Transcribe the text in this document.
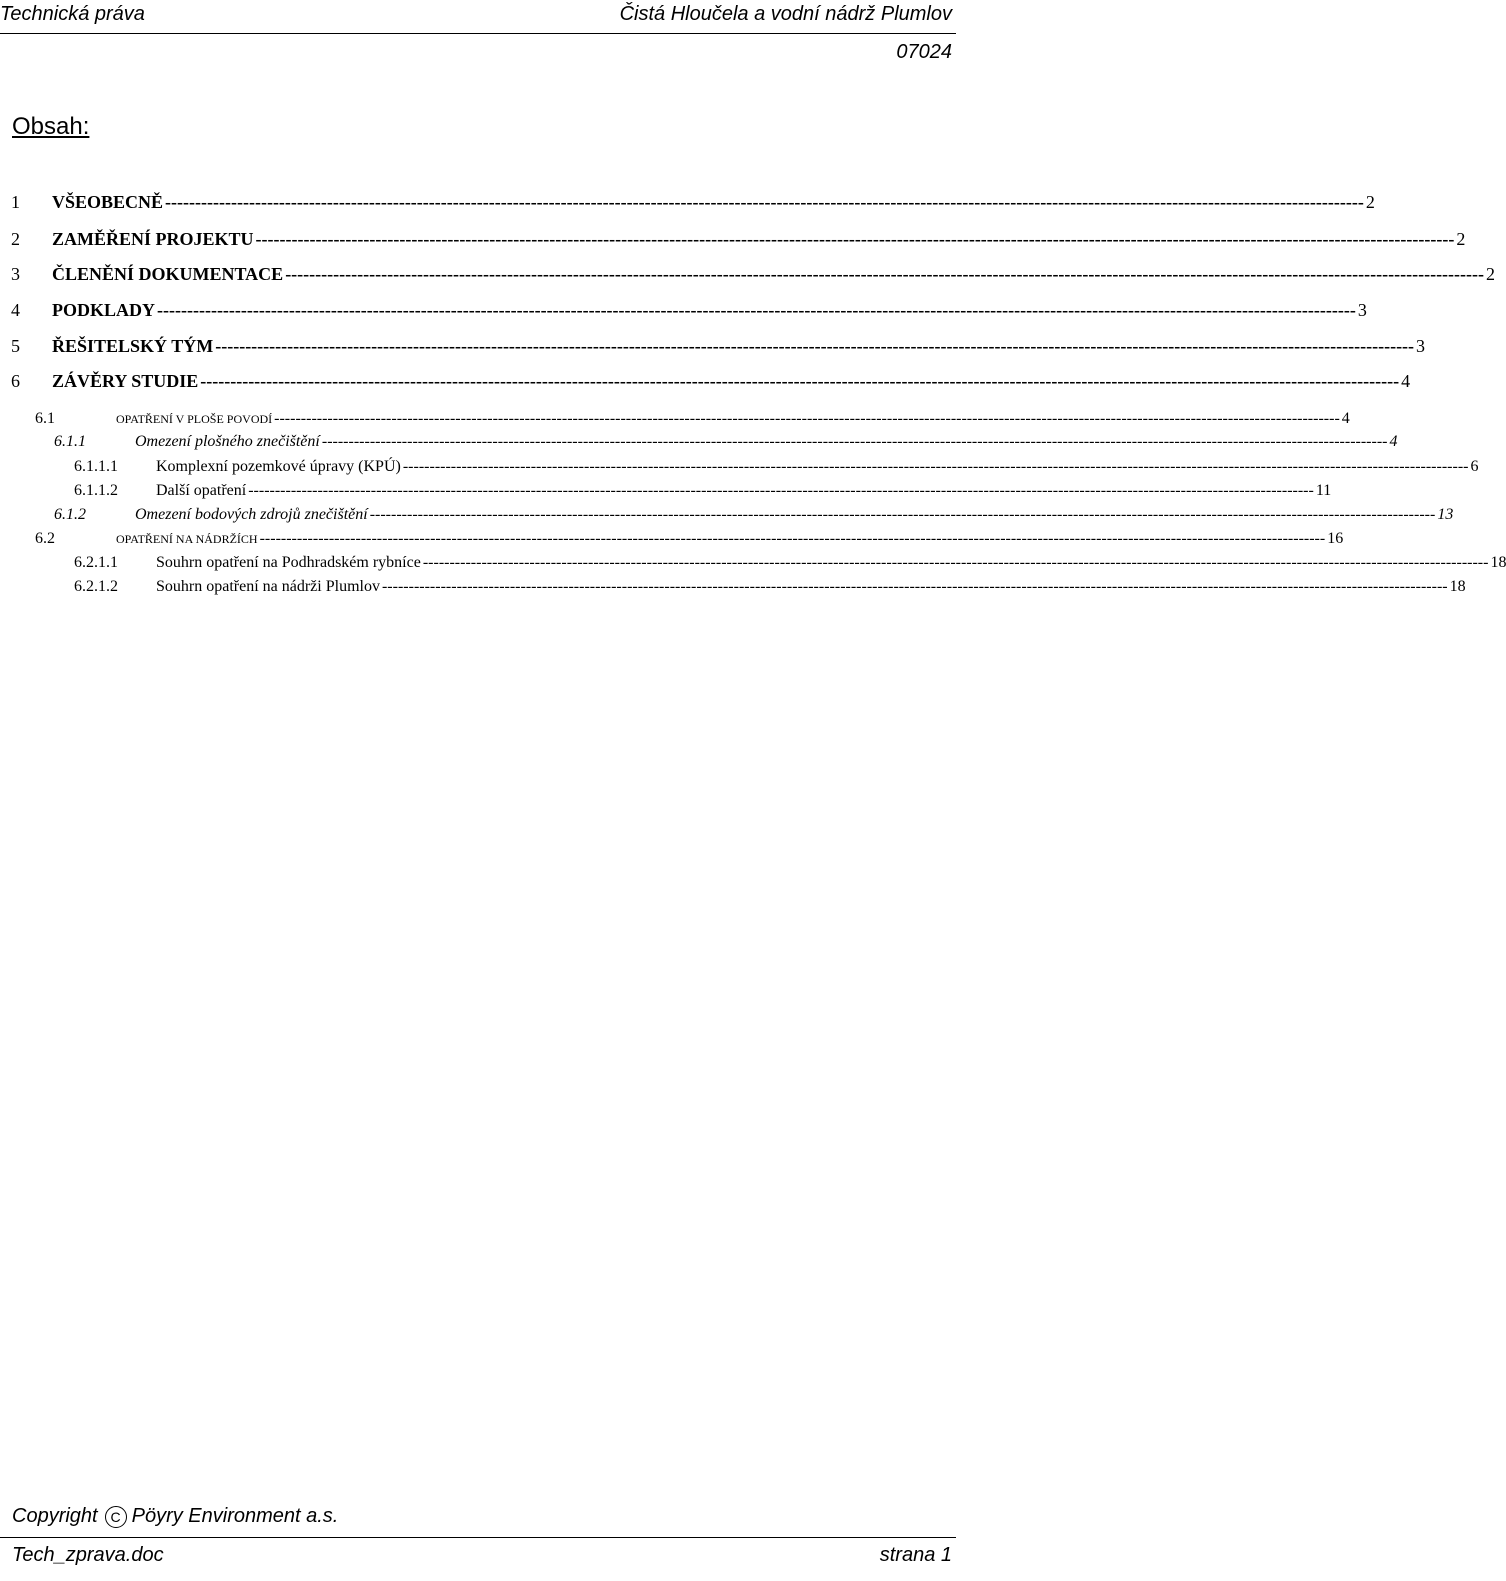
Technická práva	Čistá Hloučela a vodní nádrž Plumlov
07024
Obsah:
1	VŠEOBECNĚ -------------------------------------------------------------------------------------------------------------------------------------------------------------------------------------------------------- 2
2	ZAMĚŘENÍ PROJEKTU -------------------------------------------------------------------------------------------------------------------------------------------------------------------------------------------------------- 2
3	ČLENĚNÍ DOKUMENTACE -------------------------------------------------------------------------------------------------------------------------------------------------------------------------------------------------------- 2
4	PODKLADY -------------------------------------------------------------------------------------------------------------------------------------------------------------------------------------------------------- 3
5	ŘEŠITELSKÝ TÝM -------------------------------------------------------------------------------------------------------------------------------------------------------------------------------------------------------- 3
6	ZÁVĚRY STUDIE -------------------------------------------------------------------------------------------------------------------------------------------------------------------------------------------------------- 4
6.1	OPATŘENÍ V PLOŠE POVODÍ -------------------------------------------------------------------------------------------------------------------------------------------------------------------------------------------------------- 4
6.1.1	Omezení plošného znečištění -------------------------------------------------------------------------------------------------------------------------------------------------------------------------------------------------------- 4
6.1.1.1	Komplexní pozemkové úpravy (KPÚ) -------------------------------------------------------------------------------------------------------------------------------------------------------------------------------------------------------- 6
6.1.1.2	Další opatření -------------------------------------------------------------------------------------------------------------------------------------------------------------------------------------------------------- 11
6.1.2	Omezení bodových zdrojů znečištění -------------------------------------------------------------------------------------------------------------------------------------------------------------------------------------------------------- 13
6.2	OPATŘENÍ NA NÁDRŽÍCH -------------------------------------------------------------------------------------------------------------------------------------------------------------------------------------------------------- 16
6.2.1.1	Souhrn opatření na Podhradském rybníce -------------------------------------------------------------------------------------------------------------------------------------------------------------------------------------------------------- 18
6.2.1.2	Souhrn opatření na nádrži Plumlov -------------------------------------------------------------------------------------------------------------------------------------------------------------------------------------------------------- 18
Copyright C Pöyry Environment a.s.
Tech_zprava.doc	strana 1
